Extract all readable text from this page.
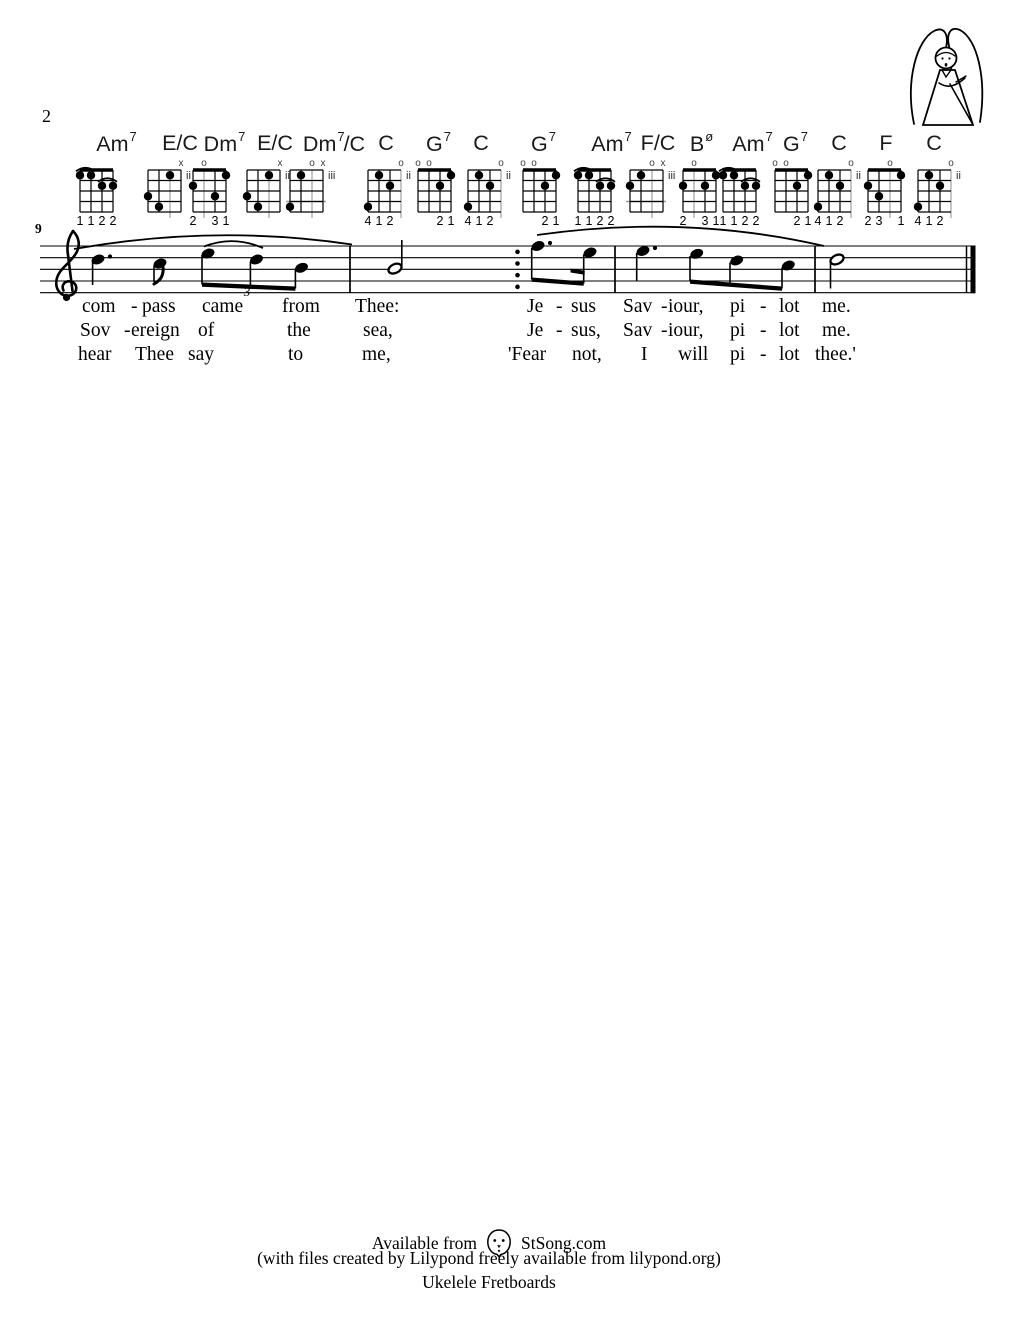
2
Am$^7$
1 1 2 2
E/C
x
ii
Dm$^7$
o
2 3 1
E/C
x
ii
Dm$^7$/C
o x
iii
C
o
ii
4 1 2
$G^7$
o o
2 1
C
o
ii
4 1 2
$G^7$
o o
2 1
Am$^7$
1 1 2 2
F/C
o x
iii
$B^ø$
o
2 3 1
Am$^7$
1 1 2 2
$G^7$
o o
2 1
C
o
ii
4 1 2
F
o
2 3 1
C
o
ii
4 1 2
9
3
com - pass came from Thee:	Je - sus Sav - iour, pi - lot me.
Sov - ereign of	the	sea,	Je - sus, Sav - iour, pi - lot me.
hear Thee say	to	me,	'Fear not, I will pi - lot thee.'
Available from	StSong.com
(with files created by Lilypond freely available from lilypond.org)
Ukelele Fretboards
